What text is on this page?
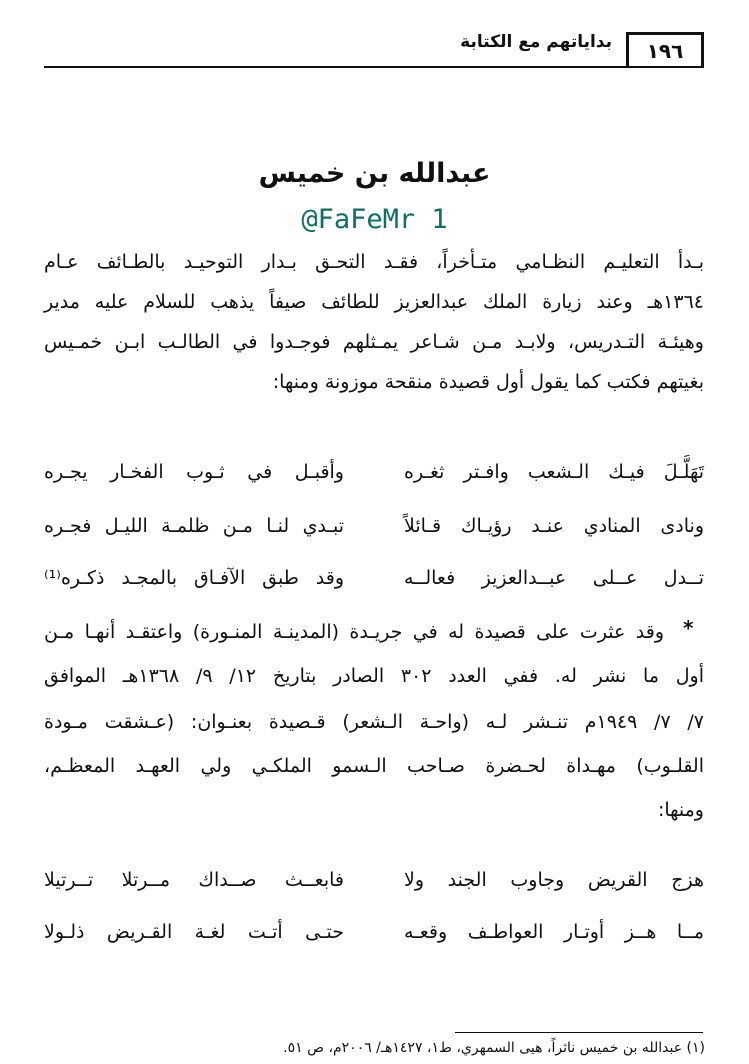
١٩٦
بداياتهم مع الكتابة
عبدالله بن خميس
@FaFeMr 1
بـدأ التعليـم النظـامي متـأخراً، فقـد التحـق بـدار التوحيـد بالطـائف عـام
١٣٦٤هـ وعند زيارة الملك عبدالعزيز للطائف صيفاً يذهب للسلام عليه مدير
وهيئـة التـدريس، ولابـد مـن شـاعر يمـثلهم فوجـدوا في الطالـب ابـن خمـيس
بغيتهم فكتب كما يقول أول قصيدة منقحة موزونة ومنها:
تَهَلَّـلَ فيـك الـشعب وافـتر ثغـره
وأقبـل في ثـوب الفخـار يجـره
ونادى المنادي عنـد رؤيـاك قـائلاً
تبـدي لنـا مـن ظلمـة الليـل فجـره
تــدل عــلى عبــدالعزيز فعالــه
وقد طبق الآفـاق بالمجـد ذكـره⁽¹⁾
*
وقد عثرت على قصيدة له في جريـدة (المدينـة المنـورة) واعتقـد أنهـا مـن
أول ما نشر له. ففي العدد ٣٠٢ الصادر بتاريخ ١٢/ ٩/ ١٣٦٨هـ الموافق
٧/ ٧/ ١٩٤٩م تنـشر لـه (واحـة الـشعر) قـصيدة بعنـوان: (عـشقت مـودة
القلـوب) مهـداة لحـضرة صـاحب الـسمو الملكـي ولي العهـد المعظـم،
ومنها:
هزج القريض وجاوب الجند ولا
فابعــث صــداك مــرتلا تــرتيلا
مــا هــز أوتـار العواطـف وقعـه
حتـى أتـت لغـة القـريض ذلـولا
(١) عبدالله بن خميس ناثراً، هيى السمهري، ط١، ١٤٢٧هـ/ ٢٠٠٦م، ص ٥١.
